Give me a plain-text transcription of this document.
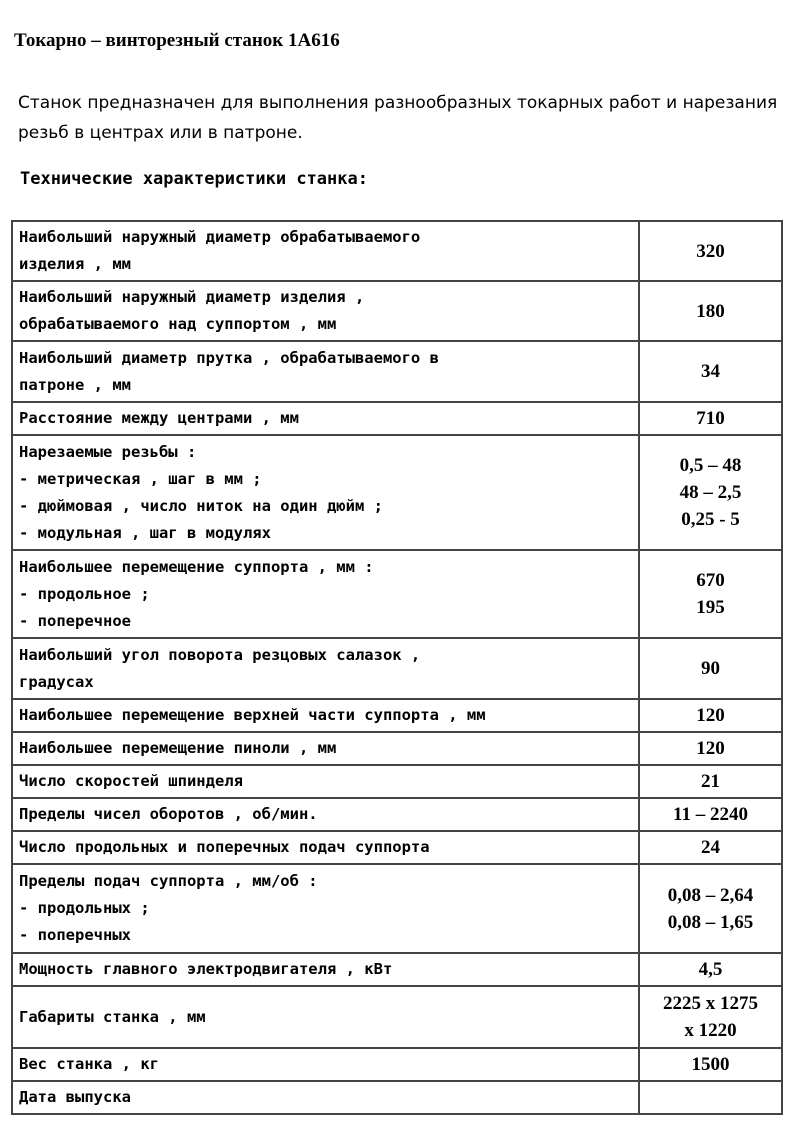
Токарно – винторезный станок 1А616
Станок предназначен для выполнения разнообразных токарных работ и нарезания резьб в центрах или в патроне.
Технические характеристики станка:
Наибольший наружный диаметр обрабатываемого
изделия , мм	320
Наибольший наружный диаметр изделия ,
обрабатываемого над суппортом , мм	180
Наибольший диаметр прутка , обрабатываемого в
патроне , мм	34
Расстояние между центрами , мм	710
Нарезаемые резьбы :
- метрическая , шаг в мм ;
- дюймовая , число ниток на один дюйм ;
- модульная , шаг в модулях	0,5 – 48
48 – 2,5
0,25 - 5
Наибольшее перемещение суппорта , мм :
- продольное ;
- поперечное	670
195
Наибольший угол поворота резцовых салазок ,
градусах	90
Наибольшее перемещение верхней части суппорта , мм	120
Наибольшее перемещение пиноли , мм	120
Число скоростей шпинделя	21
Пределы чисел оборотов , об/мин.	11 – 2240
Число продольных и поперечных подач суппорта	24
Пределы подач суппорта , мм/об :
- продольных ;
- поперечных	0,08 – 2,64
0,08 – 1,65
Мощность главного электродвигателя , кВт	4,5
Габариты станка , мм	2225 х 1275
х 1220
Вес станка , кг	1500
Дата выпуска	
